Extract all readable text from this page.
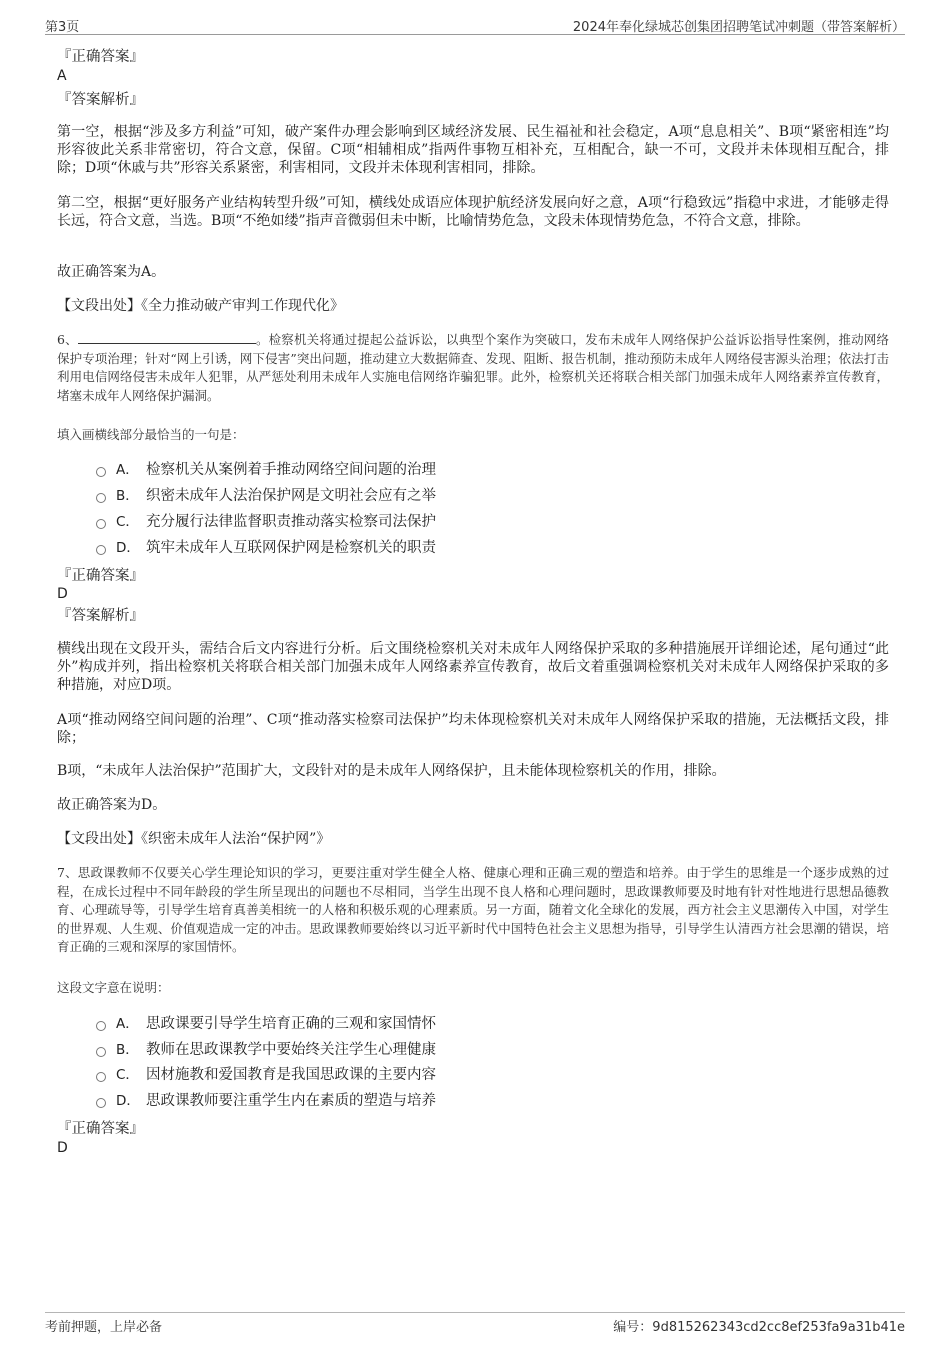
第3页	2024年奉化绿城芯创集团招聘笔试冲刺题（带答案解析）
『正确答案』
A
『答案解析』
第一空，根据“涉及多方利益”可知，破产案件办理会影响到区域经济发展、民生福祉和社会稳定，A项“息息相关”、B项“紧密相连”均形容彼此关系非常密切，符合文意，保留。C项“相辅相成”指两件事物互相补充，互相配合，缺一不可，文段并未体现相互配合，排除；D项“休戚与共”形容关系紧密，利害相同，文段并未体现利害相同，排除。
第二空，根据“更好服务产业结构转型升级”可知，横线处成语应体现护航经济发展向好之意，A项“行稳致远”指稳中求进，才能够走得长远，符合文意，当选。B项“不绝如缕”指声音微弱但未中断，比喻情势危急，文段未体现情势危急，不符合文意，排除。
故正确答案为A。
【文段出处】《全力推动破产审判工作现代化》
6、	。检察机关将通过提起公益诉讼，以典型个案作为突破口，发布未成年人网络保护公益诉讼指导性案例，推动网络保护专项治理；针对“网上引诱，网下侵害”突出问题，推动建立大数据筛查、发现、阻断、报告机制，推动预防未成年人网络侵害源头治理；依法打击利用电信网络侵害未成年人犯罪，从严惩处利用未成年人实施电信网络诈骗犯罪。此外，检察机关还将联合相关部门加强未成年人网络素养宣传教育，堵塞未成年人网络保护漏洞。
填入画横线部分最恰当的一句是：
A． 检察机关从案例着手推动网络空间问题的治理
B． 织密未成年人法治保护网是文明社会应有之举
C． 充分履行法律监督职责推动落实检察司法保护
D． 筑牢未成年人互联网保护网是检察机关的职责
『正确答案』
D
『答案解析』
横线出现在文段开头，需结合后文内容进行分析。后文围绕检察机关对未成年人网络保护采取的多种措施展开详细论述，尾句通过“此外”构成并列，指出检察机关将联合相关部门加强未成年人网络素养宣传教育，故后文着重强调检察机关对未成年人网络保护采取的多种措施，对应D项。
A项“推动网络空间问题的治理”、C项“推动落实检察司法保护”均未体现检察机关对未成年人网络保护采取的措施，无法概括文段，排除；
B项，“未成年人法治保护”范围扩大，文段针对的是未成年人网络保护，且未能体现检察机关的作用，排除。
故正确答案为D。
【文段出处】《织密未成年人法治“保护网”》
7、思政课教师不仅要关心学生理论知识的学习，更要注重对学生健全人格、健康心理和正确三观的塑造和培养。由于学生的思维是一个逐步成熟的过程，在成长过程中不同年龄段的学生所呈现出的问题也不尽相同，当学生出现不良人格和心理问题时，思政课教师要及时地有针对性地进行思想品德教育、心理疏导等，引导学生培育真善美相统一的人格和积极乐观的心理素质。另一方面，随着文化全球化的发展，西方社会主义思潮传入中国，对学生的世界观、人生观、价值观造成一定的冲击。思政课教师要始终以习近平新时代中国特色社会主义思想为指导，引导学生认清西方社会思潮的错误，培育正确的三观和深厚的家国情怀。
这段文字意在说明：
A． 思政课要引导学生培育正确的三观和家国情怀
B． 教师在思政课教学中要始终关注学生心理健康
C． 因材施教和爱国教育是我国思政课的主要内容
D． 思政课教师要注重学生内在素质的塑造与培养
『正确答案』
D
考前押题，上岸必备	编号：9d815262343cd2cc8ef253fa9a31b41e
